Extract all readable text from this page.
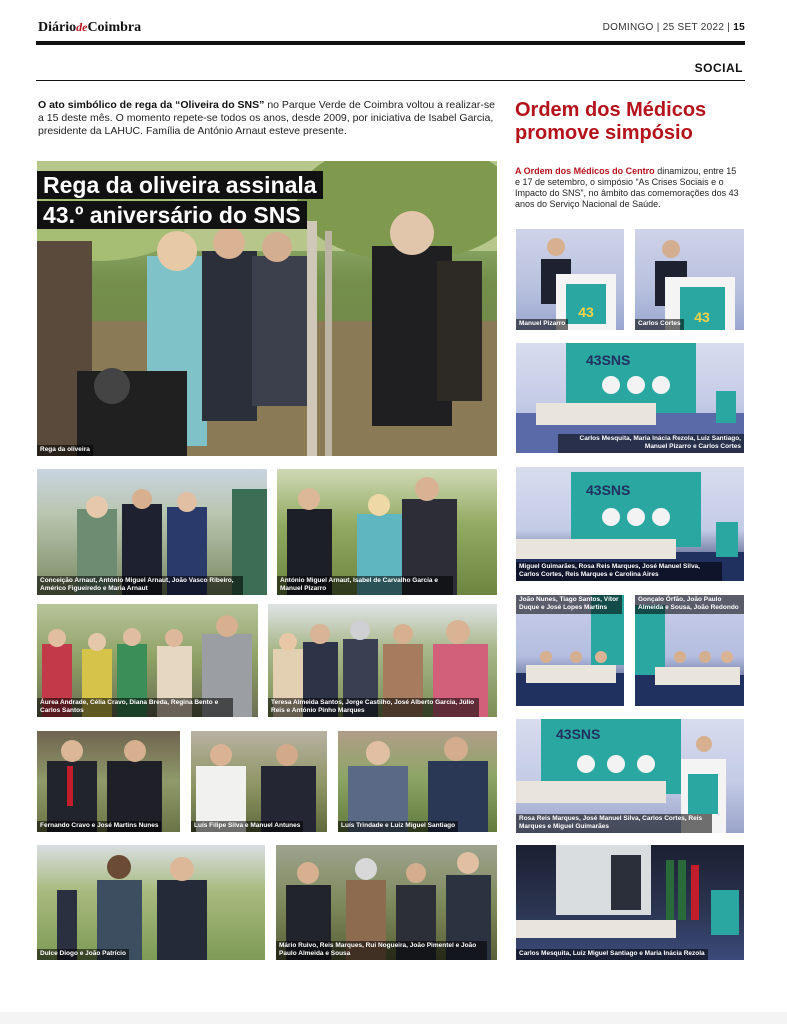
DiáriodeCoimbra	DOMINGO | 25 SET 2022 | 15
SOCIAL
O ato simbólico de rega da “Oliveira do SNS” no Parque Verde de Coimbra voltou a realizar-se a 15 deste mês. O momento repete-se todos os anos, desde 2009, por iniciativa de Isabel Garcia, presidente da LAHUC. Família de António Arnaut esteve presente.
Ordem dos Médicos promove simpósio
A Ordem dos Médicos do Centro dinamizou, entre 15 e 17 de setembro, o simpósio “As Crises Sociais e o Impacto do SNS”, no âmbito das comemorações dos 43 anos do Serviço Nacional de Saúde.
Rega da oliveira assinala
43.º aniversário do SNS
Rega da oliveira
Conceição Arnaut, António Miguel Arnaut, João Vasco Ribeiro, Américo Figueiredo e Maria Arnaut
António Miguel Arnaut, Isabel de Carvalho Garcia e Manuel Pizarro
Áurea Andrade, Célia Cravo, Diana Breda, Regina Bento e Carlos Santos
Teresa Almeida Santos, Jorge Castilho, José Alberto Garcia, Júlio Reis e António Pinho Marques
Fernando Cravo e José Martins Nunes	Luís Filipe Silva e Manuel Antunes	Luís Trindade e Luiz Miguel Santiago
Dulce Diogo e João Patrício
Mário Ruivo, Reis Marques, Rui Nogueira, João Pimentel e João Paulo Almeida e Sousa
43
Manuel Pizarro	43
Carlos Cortes
43SNS
Carlos Mesquita, Maria Inácia Rezola, Luiz Santiago, Manuel Pizarro e Carlos Cortes
43SNS
Miguel Guimarães, Rosa Reis Marques, José Manuel Silva, Carlos Cortes, Reis Marques e Carolina Aires
João Nunes, Tiago Santos, Vítor Duque e José Lopes Martins
Gonçalo Órfão, João Paulo Almeida e Sousa, João Redondo
43SNS
Rosa Reis Marques, José Manuel Silva, Carlos Cortes, Reis Marques e Miguel Guimarães
Carlos Mesquita, Luiz Miguel Santiago e Maria Inácia Rezola
